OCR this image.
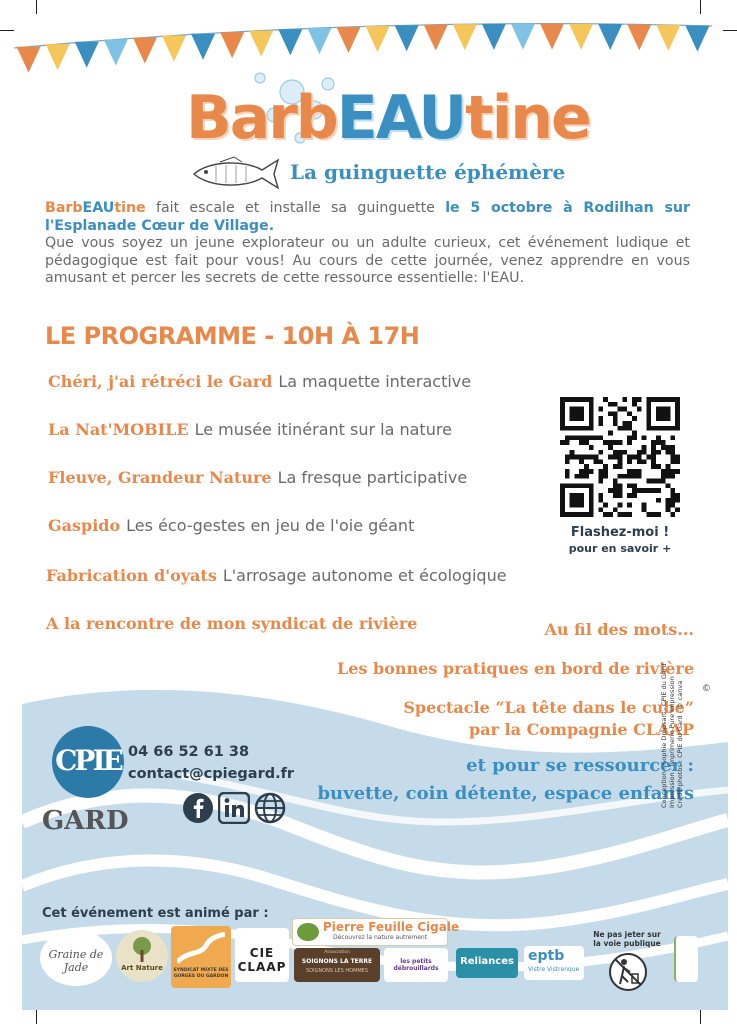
BarbEAUtine
La guinguette éphémère
BarbEAUtine fait escale et installe sa guinguette le 5 octobre à Rodilhan sur l'Esplanade Cœur de Village.
Que vous soyez un jeune explorateur ou un adulte curieux, cet événement ludique et pédagogique est fait pour vous! Au cours de cette journée, venez apprendre en vous amusant et percer les secrets de cette ressource essentielle: l'EAU.
LE PROGRAMME - 10H À 17H
Chéri, j'ai rétréci le Gard La maquette interactive
La Nat'MOBILE Le musée itinérant sur la nature
Fleuve, Grandeur Nature La fresque participative
Gaspido Les éco-gestes en jeu de l'oie géant
Fabrication d'oyats L'arrosage autonome et écologique
A la rencontre de mon syndicat de rivière
Flashez-moi !
pour en savoir +
Au fil des mots...
Les bonnes pratiques en bord de rivière
Spectacle “La tête dans le cube”
par la Compagnie CLAAP
et pour se ressourcer :
buvette, coin détente, espace enfants
©
CPIE
GARD
04 66 52 61 38
contact@cpiegard.fr	Conception : Sophie Dropsart - CPIE du Gard Impression : Imprimerie Pure Impression Crédit photos : CPIE du Gard - © canva
Cet événement est animé par :
Graine de Jade	Art Nature	SYNDICAT MIXTE DES GORGES DU GARDON
CIE CLAAP
Pierre Feuille Cigale
Découvrez la nature autrement
Association
SOIGNONS LA TERRE
SOIGNONS LES HOMMES
les petits débrouillards
Reliances eptb
Vistre Vistrenque
Ne pas jeter sur
la voie publique
